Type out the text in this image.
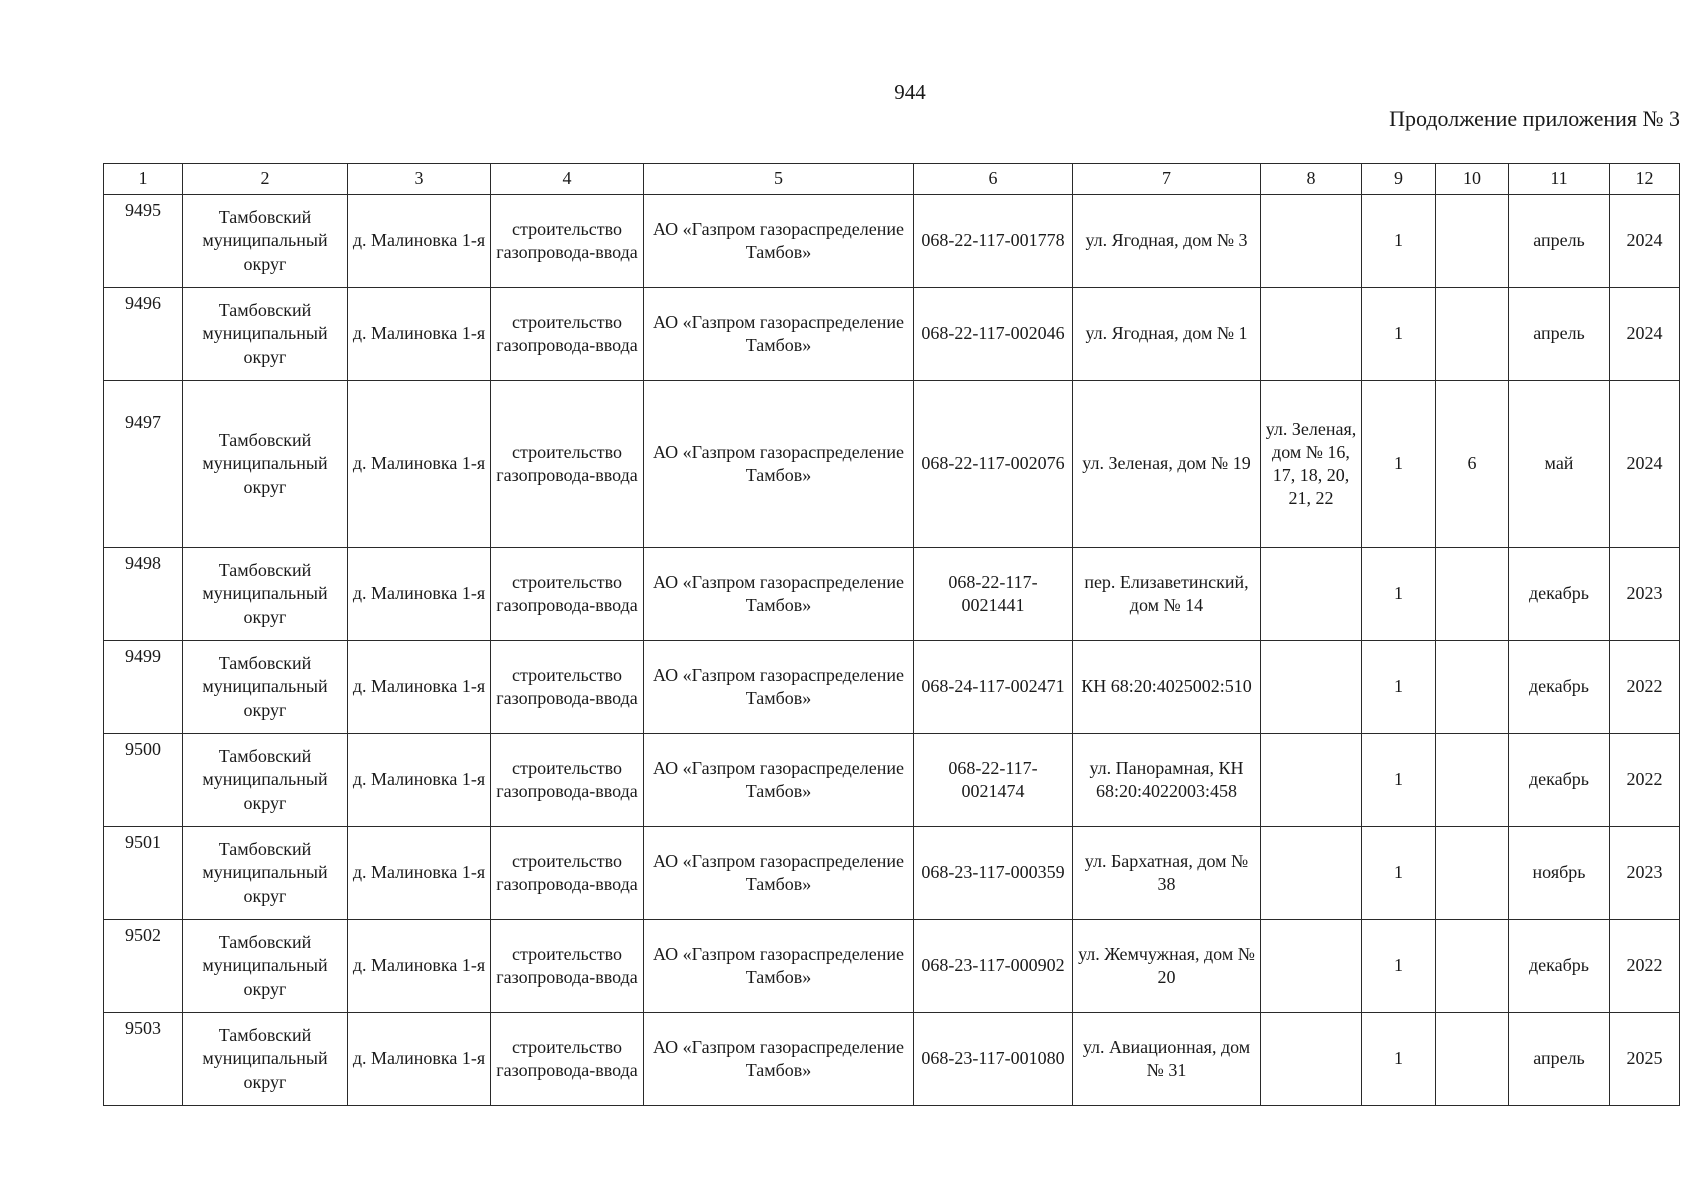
944
Продолжение приложения № 3
1	2	3	4	5	6	7	8	9	10	11	12
9495	Тамбовский муниципальный округ	д. Малиновка 1-я	строительство газопровода-ввода	АО «Газпром газораспределение Тамбов»	068-22-117-001778	ул. Ягодная, дом № 3		1		апрель	2024
9496	Тамбовский муниципальный округ	д. Малиновка 1-я	строительство газопровода-ввода	АО «Газпром газораспределение Тамбов»	068-22-117-002046	ул. Ягодная, дом № 1		1		апрель	2024
9497	Тамбовский муниципальный округ	д. Малиновка 1-я	строительство газопровода-ввода	АО «Газпром газораспределение Тамбов»	068-22-117-002076	ул. Зеленая, дом № 19	ул. Зеленая, дом № 16, 17, 18, 20, 21, 22	1	6	май	2024
9498	Тамбовский муниципальный округ	д. Малиновка 1-я	строительство газопровода-ввода	АО «Газпром газораспределение Тамбов»	068-22-117-0021441	пер. Елизаветинский, дом № 14		1		декабрь	2023
9499	Тамбовский муниципальный округ	д. Малиновка 1-я	строительство газопровода-ввода	АО «Газпром газораспределение Тамбов»	068-24-117-002471	КН 68:20:4025002:510		1		декабрь	2022
9500	Тамбовский муниципальный округ	д. Малиновка 1-я	строительство газопровода-ввода	АО «Газпром газораспределение Тамбов»	068-22-117-0021474	ул. Панорамная, КН 68:20:4022003:458		1		декабрь	2022
9501	Тамбовский муниципальный округ	д. Малиновка 1-я	строительство газопровода-ввода	АО «Газпром газораспределение Тамбов»	068-23-117-000359	ул. Бархатная, дом № 38		1		ноябрь	2023
9502	Тамбовский муниципальный округ	д. Малиновка 1-я	строительство газопровода-ввода	АО «Газпром газораспределение Тамбов»	068-23-117-000902	ул. Жемчужная, дом № 20		1		декабрь	2022
9503	Тамбовский муниципальный округ	д. Малиновка 1-я	строительство газопровода-ввода	АО «Газпром газораспределение Тамбов»	068-23-117-001080	ул. Авиационная, дом № 31		1		апрель	2025
